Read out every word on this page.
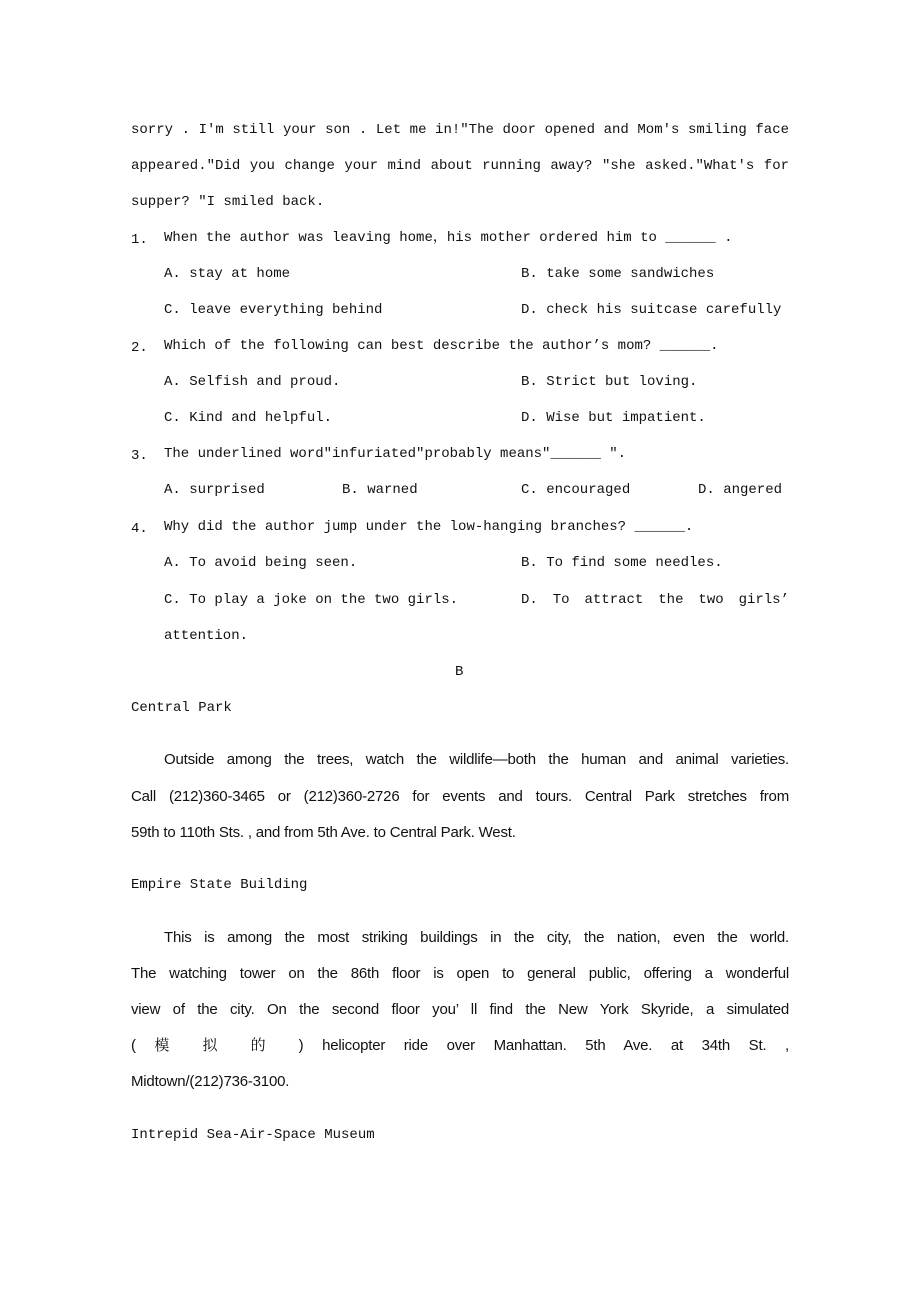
sorry . I'm still your son . Let me in!"The door opened and Mom's smiling face
appeared."Did you change your mind about running away? "she asked."What's for
supper? "I smiled back.
1. When the author was leaving home，his mother ordered him to ______ .
A. stay at home	B. take some sandwiches
C. leave everything behind	D. check his suitcase carefully
2. Which of the following can best describe the author’s mom? ______.
A. Selfish and proud.	B. Strict but loving.
C. Kind and helpful.	D. Wise but impatient.
3. The underlined word"infuriated"probably means"______ ".
A. surprised	B. warned	C. encouraged	D. angered
4. Why did the author jump under the low-hanging branches? ______.
A. To avoid being seen.	B. To find some needles.
C. To play a joke on the two girls.	D. To attract the two girls’
attention.
B
Central Park
Outside among the trees, watch the wildlife—both the human and animal varieties.
Call (212)360-3465 or (212)360-2726 for events and tours. Central Park stretches from
59th to 110th Sts. , and from 5th Ave. to Central Park. West.
Empire State Building
This is among the most striking buildings in the city, the nation, even the world.
The watching tower on the 86th floor is open to general public, offering a wonderful
view of the city. On the second floor you’ ll find the New York Skyride, a simulated
( 模 拟 的 ) helicopter ride over Manhattan. 5th Ave. at 34th St. ,
Midtown/(212)736-3100.
Intrepid Sea-Air-Space Museum
